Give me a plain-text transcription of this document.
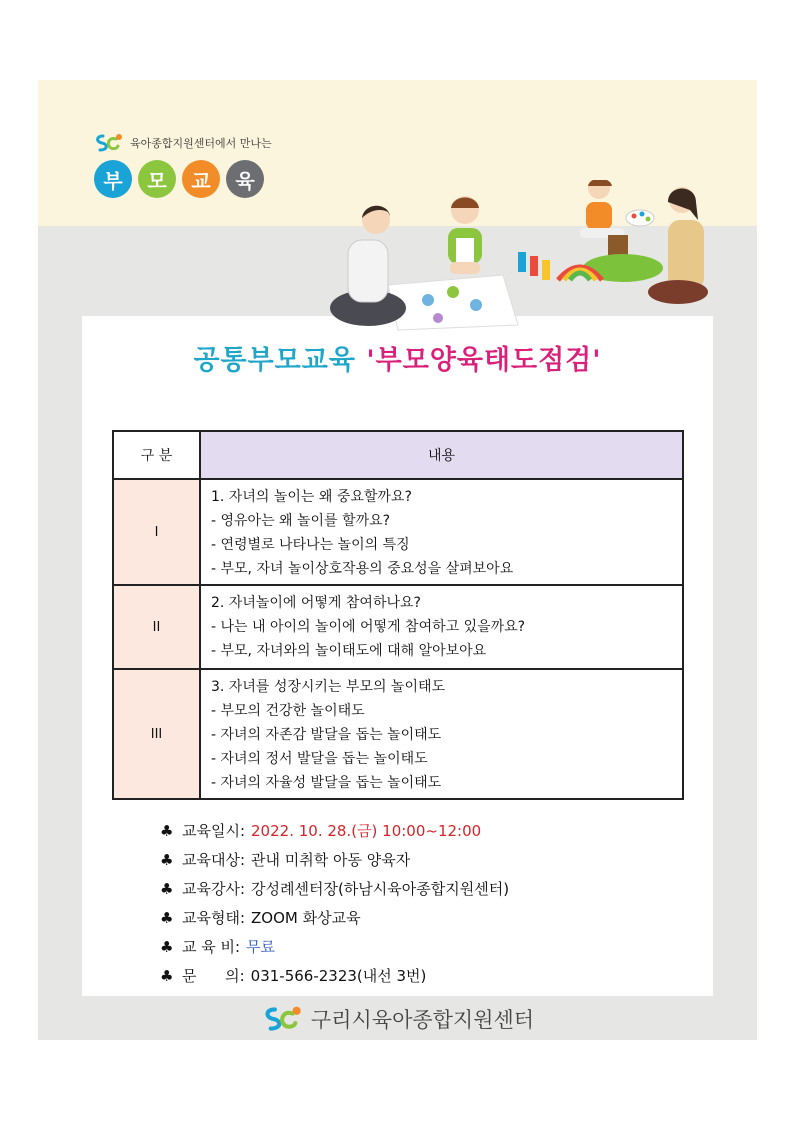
육아종합지원센터에서 만나는
부	모	교	육
공통부모교육 '부모양육태도점검'
구 분	내용
I	1. 자녀의 놀이는 왜 중요할까요?
- 영유아는 왜 놀이를 할까요?
- 연령별로 나타나는 놀이의 특징
- 부모, 자녀 놀이상호작용의 중요성을 살펴보아요

II	2. 자녀놀이에 어떻게 참여하나요?
- 나는 내 아이의 놀이에 어떻게 참여하고 있을까요?
- 부모, 자녀와의 놀이태도에 대해 알아보아요

III	3. 자녀를 성장시키는 부모의 놀이태도
- 부모의 건강한 놀이태도
- 자녀의 자존감 발달을 돕는 놀이태도
- 자녀의 정서 발달을 돕는 놀이태도
- 자녀의 자율성 발달을 돕는 놀이태도
♣ 교육일시: 2022. 10. 28.(금) 10:00~12:00
♣ 교육대상: 관내 미취학 아동 양육자
♣ 교육강사: 강성례센터장(하남시육아종합지원센터)
♣ 교육형태: ZOOM 화상교육
♣ 교 육 비: 무료
♣ 문      의: 031-566-2323(내선 3번)
구리시육아종합지원센터
